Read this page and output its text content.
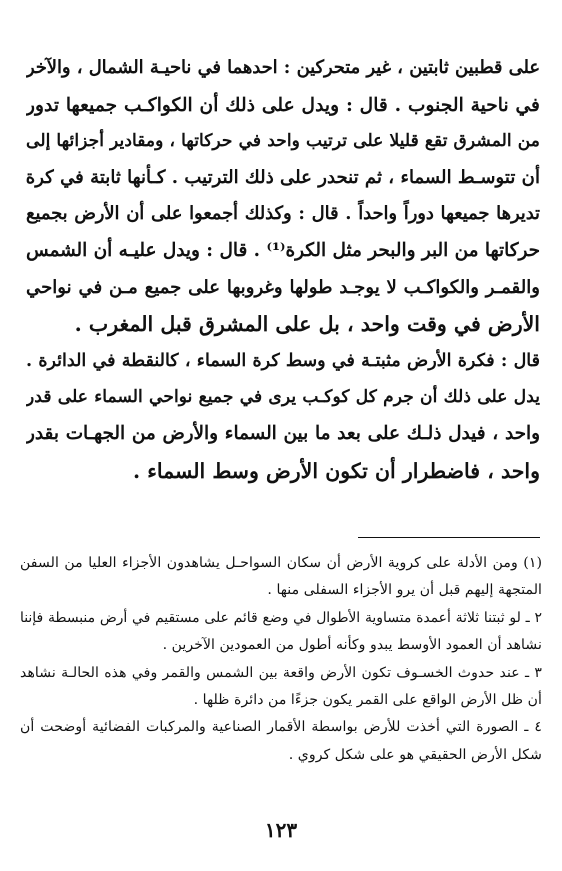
على قطبين ثابتين ، غير متحركين : احدهما في ناحيـة الشمال ، والآخر
في ناحية الجنوب . قال : ويدل على ذلك أن الكواكـب جميعها تدور
من المشرق تقع قليلا على ترتيب واحد في حركاتها ، ومقادير أجزائها إلى
أن تتوسـط السماء ، ثم تنحدر على ذلك الترتيب . كـأنها ثابتة في كرة
تديرها جميعها دوراً واحداً . قال : وكذلك أجمعوا على أن الأرض بجميع
حركاتها من البر والبحر مثل الكرة⁽¹⁾ . قال : ويدل عليـه أن الشمس
والقمـر والكواكـب لا يوجـد طولها وغروبها على جميع مـن في نواحي
الأرض في وقت واحد ، بل على المشرق قبل المغرب .
قال : فكرة الأرض مثبتـة في وسط كرة السماء ، كالنقطة في الدائرة .
يدل على ذلك أن جرم كل كوكـب يرى في جميع نواحي السماء على قدر
واحد ، فيدل ذلـك على بعد ما بين السماء والأرض من الجهـات بقدر
واحد ، فاضطرار أن تكون الأرض وسط السماء .
(١) ومن الأدلة على كروية الأرض أن سكان السواحـل يشاهدون الأجزاء العليا من السفن
المتجهة إليهم قبل أن يرو الأجزاء السفلى منها .
٢ ـ لو ثبتنا ثلاثة أعمدة متساوية الأطوال في وضع قائم على مستقيم في أرض منبسطة فإننا
نشاهد أن العمود الأوسط يبدو وكأنه أطول من العمودين الآخرين .
٣ ـ عند حدوث الخسـوف تكون الأرض واقعة بين الشمس والقمر وفي هذه الحالـة نشاهد
أن ظل الأرض الواقع على القمر يكون جزءًا من دائرة ظلها .
٤ ـ الصورة التي أخذت للأرض بواسطة الأقمار الصناعية والمركبات الفضائية أوضحت أن
شكل الأرض الحقيقي هو على شكل كروي .
١٢٣
